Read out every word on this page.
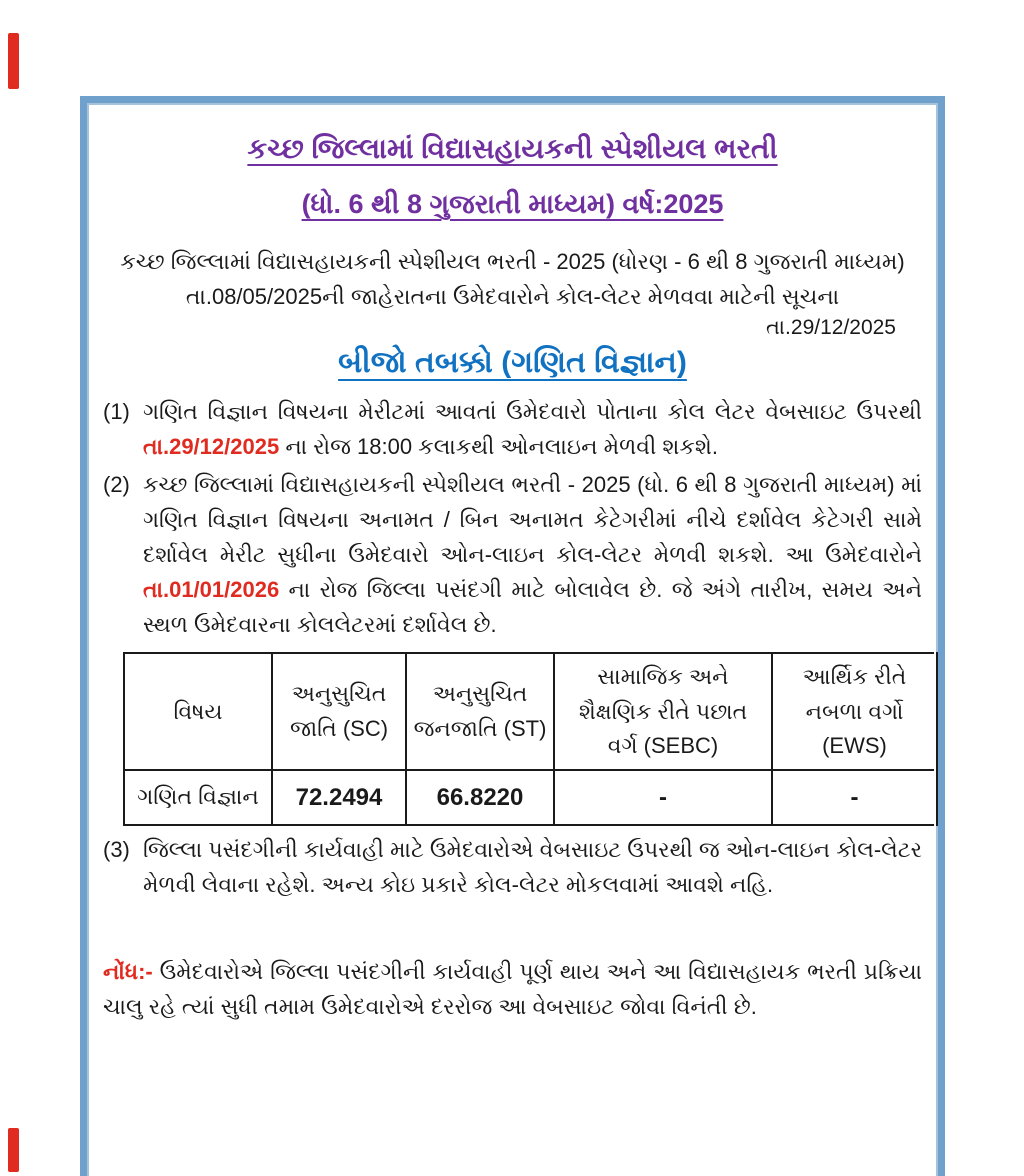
કચ્છ જિલ્લામાં વિદ્યાસહાયકની સ્પેશીયલ ભરતી
(ધો. 6 થી 8 ગુજરાતી માધ્યમ) વર્ષ:2025
કચ્છ જિલ્લામાં વિદ્યાસહાયકની સ્પેશીયલ ભરતી - 2025 (ધોરણ - 6 થી 8 ગુજરાતી માધ્યમ) તા.08/05/2025ની જાહેરાતના ઉમેદવારોને કોલ-લેટર મેળવવા માટેની સૂચના
તા.29/12/2025
બીજો તબક્કો (ગણિત વિજ્ઞાન)
(1) ગણિત વિજ્ઞાન વિષયના મેરીટમાં આવતાં ઉમેદવારો પોતાના કોલ લેટર વેબસાઇટ ઉપરથી તા.29/12/2025 ના રોજ 18:00 કલાકથી ઓનલાઇન મેળવી શકશે.
(2) કચ્છ જિલ્લામાં વિદ્યાસહાયકની સ્પેશીયલ ભરતી - 2025 (ધો. 6 થી 8 ગુજરાતી માધ્યમ) માં ગણિત વિજ્ઞાન વિષયના અનામત / બિન અનામત કેટેગરીમાં નીચે દર્શાવેલ કેટેગરી સામે દર્શાવેલ મેરીટ સુધીના ઉમેદવારો ઓન-લાઇન કોલ-લેટર મેળવી શકશે. આ ઉમેદવારોને તા.01/01/2026 ના રોજ જિલ્લા પસંદગી માટે બોલાવેલ છે. જે અંગે તારીખ, સમય અને સ્થળ ઉમેદવારના કોલલેટરમાં દર્શાવેલ છે.
વિષય	અનુસુચિત જાતિ (SC)	અનુસુચિત જનજાતિ (ST)	સામાજિક અને શૈક્ષણિક રીતે પછાત વર્ગ (SEBC)	આર્થિક રીતે નબળા વર્ગો (EWS)
ગણિત વિજ્ઞાન	72.2494	66.8220	-	-
(3) જિલ્લા પસંદગીની કાર્યવાહી માટે ઉમેદવારોએ વેબસાઇટ ઉપરથી જ ઓન-લાઇન કોલ-લેટર મેળવી લેવાના રહેશે. અન્ય કોઇ પ્રકારે કોલ-લેટર મોકલવામાં આવશે નહિ.
નોંધ:- ઉમેદવારોએ જિલ્લા પસંદગીની કાર્યવાહી પૂર્ણ થાય અને આ વિદ્યાસહાયક ભરતી પ્રક્રિયા ચાલુ રહે ત્યાં સુધી તમામ ઉમેદવારોએ દરરોજ આ વેબસાઇટ જોવા વિનંતી છે.
